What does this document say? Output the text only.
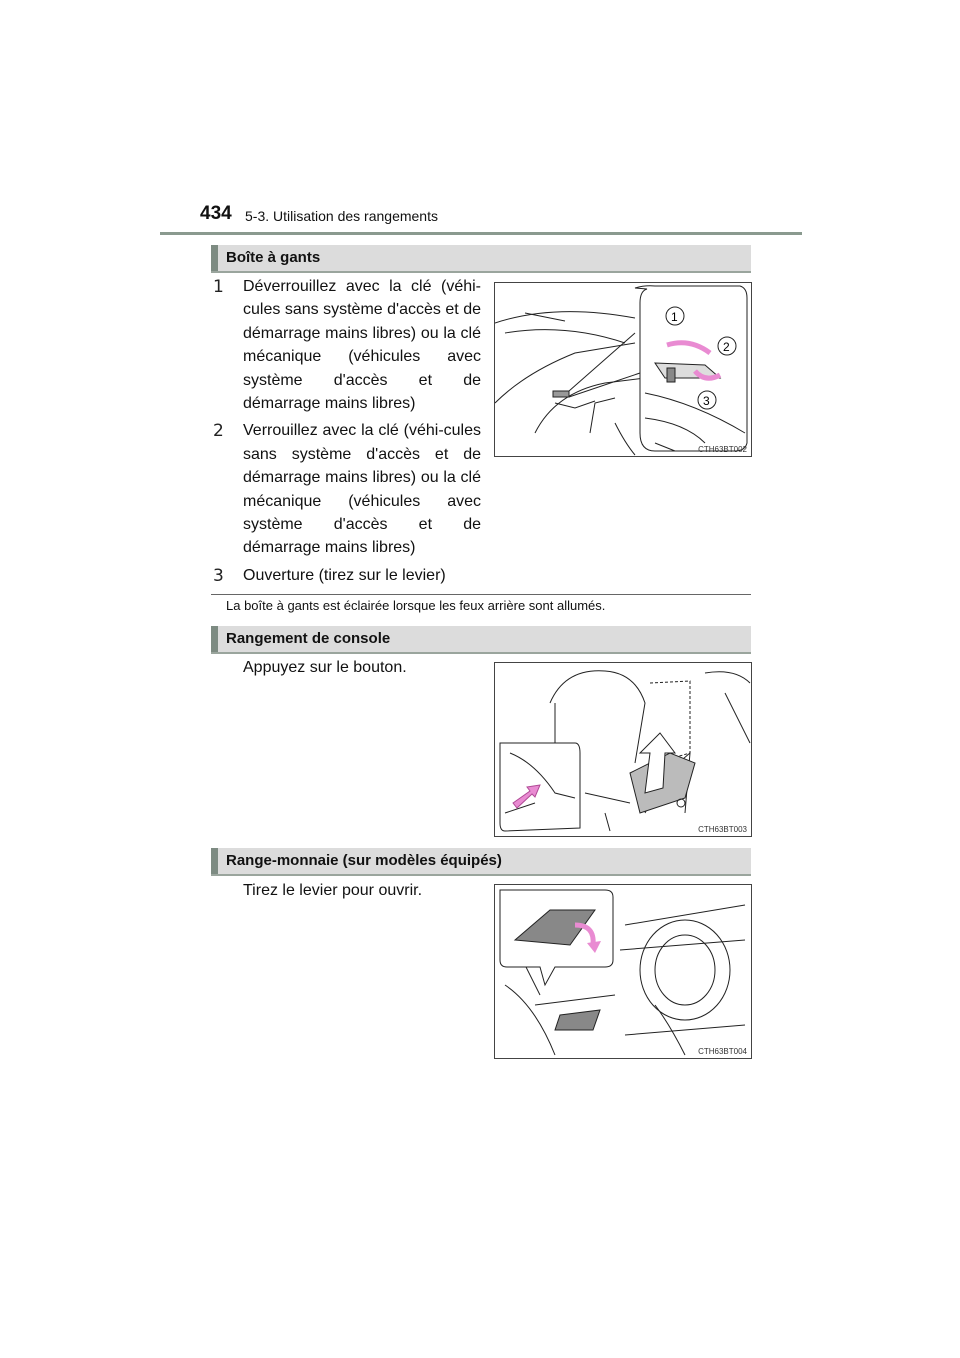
434 5-3. Utilisation des rangements
Boîte à gants
1 Déverrouillez avec la clé (véhi-cules sans système d'accès et de démarrage mains libres) ou la clé mécanique (véhicules avec système d'accès et de démarrage mains libres)
2 Verrouillez avec la clé (véhi-cules sans système d'accès et de démarrage mains libres) ou la clé mécanique (véhicules avec système d'accès et de démarrage mains libres)
3 Ouverture (tirez sur le levier)
1
2
3
CTH63BT002
La boîte à gants est éclairée lorsque les feux arrière sont allumés.
Rangement de console
Appuyez sur le bouton.
CTH63BT003
Range-monnaie (sur modèles équipés)
Tirez le levier pour ouvrir.
CTH63BT004
